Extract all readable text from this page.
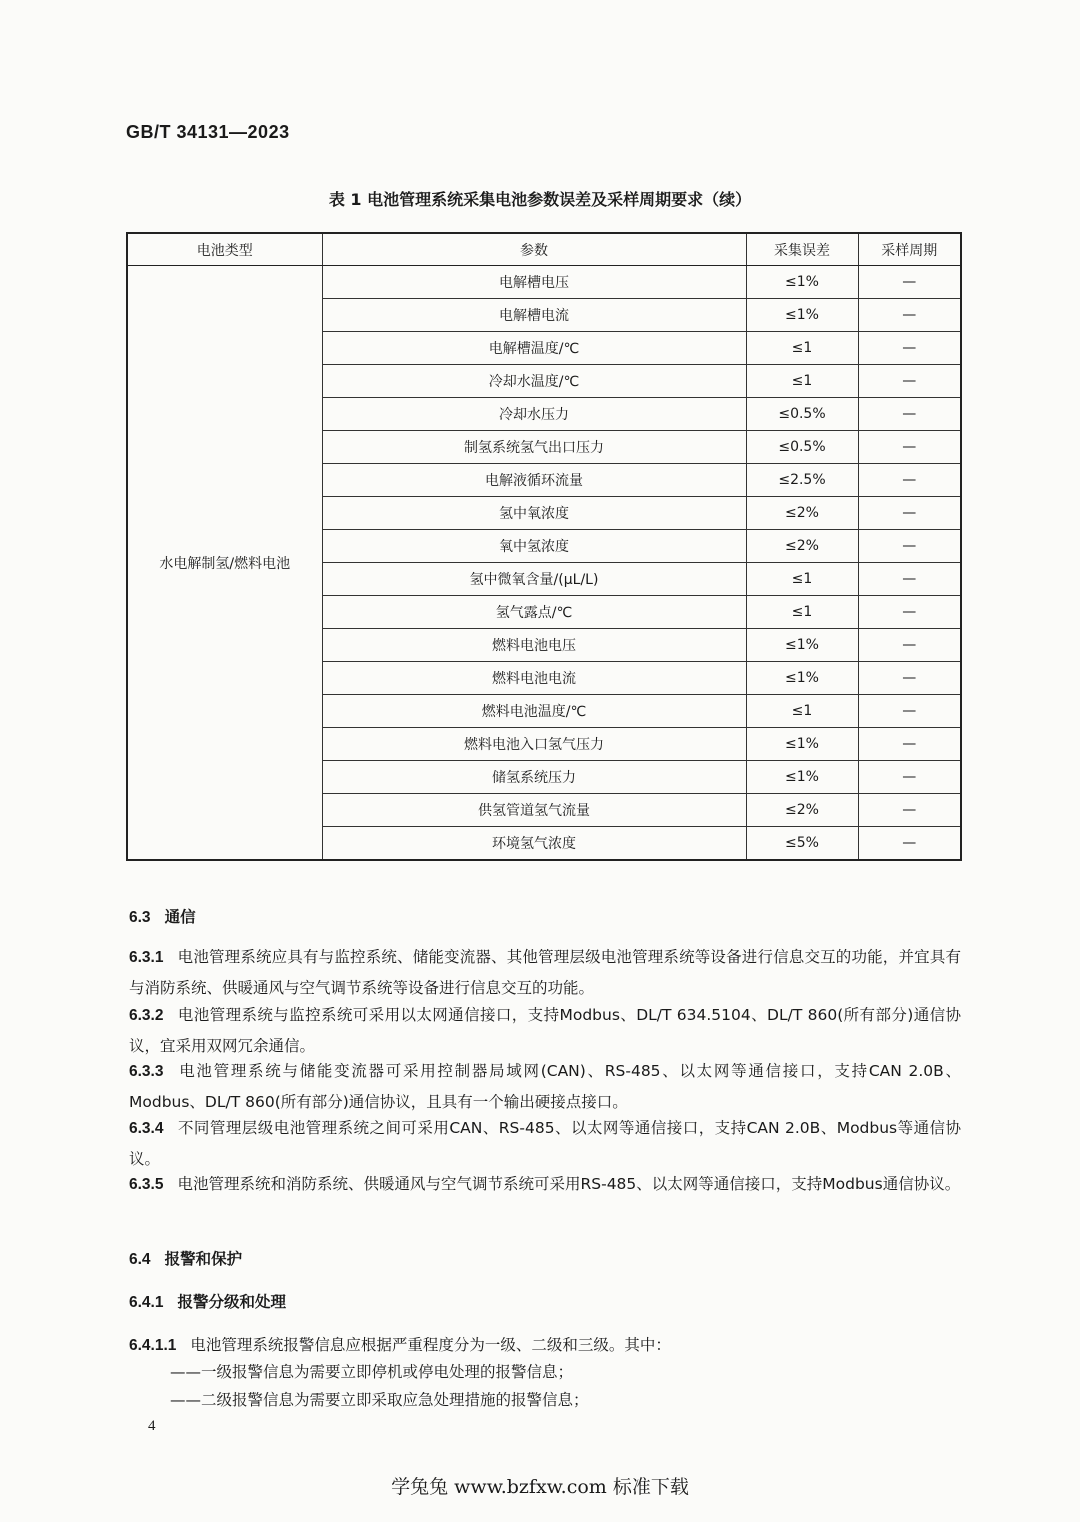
GB/T 34131—2023
表 1 电池管理系统采集电池参数误差及采样周期要求（续）
电池类型	参数	采集误差	采样周期
水电解制氢/燃料电池	电解槽电压	≤1%	—
	电解槽电流	≤1%	—
	电解槽温度/℃	≤1	—
	冷却水温度/℃	≤1	—
	冷却水压力	≤0.5%	—
	制氢系统氢气出口压力	≤0.5%	—
	电解液循环流量	≤2.5%	—
	氢中氧浓度	≤2%	—
	氧中氢浓度	≤2%	—
	氢中微氧含量/(μL/L)	≤1	—
	氢气露点/℃	≤1	—
	燃料电池电压	≤1%	—
	燃料电池电流	≤1%	—
	燃料电池温度/℃	≤1	—
	燃料电池入口氢气压力	≤1%	—
	储氢系统压力	≤1%	—
	供氢管道氢气流量	≤2%	—
	环境氢气浓度	≤5%	—
6.3 通信
6.3.1 电池管理系统应具有与监控系统、储能变流器、其他管理层级电池管理系统等设备进行信息交互的功能，并宜具有与消防系统、供暖通风与空气调节系统等设备进行信息交互的功能。
6.3.2 电池管理系统与监控系统可采用以太网通信接口，支持Modbus、DL/T 634.5104、DL/T 860(所有部分)通信协议，宜采用双网冗余通信。
6.3.3 电池管理系统与储能变流器可采用控制器局域网(CAN)、RS-485、以太网等通信接口，支持CAN 2.0B、Modbus、DL/T 860(所有部分)通信协议，且具有一个输出硬接点接口。
6.3.4 不同管理层级电池管理系统之间可采用CAN、RS-485、以太网等通信接口，支持CAN 2.0B、Modbus等通信协议。
6.3.5 电池管理系统和消防系统、供暖通风与空气调节系统可采用RS-485、以太网等通信接口，支持Modbus通信协议。
6.4 报警和保护
6.4.1 报警分级和处理
6.4.1.1 电池管理系统报警信息应根据严重程度分为一级、二级和三级。其中：
——一级报警信息为需要立即停机或停电处理的报警信息；
——二级报警信息为需要立即采取应急处理措施的报警信息；
4
学兔兔 www.bzfxw.com 标准下载
